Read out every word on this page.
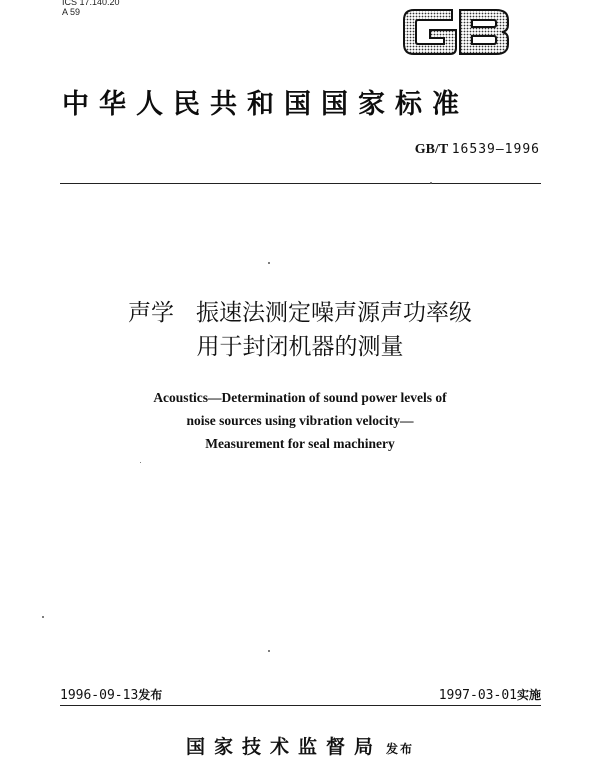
ICS 17.140.20
A 59
中华人民共和国国家标准
GB/T 16539—1996
声学 振速法测定噪声源声功率级
用于封闭机器的测量
Acoustics—Determination of sound power levels of
noise sources using vibration velocity—
Measurement for seal machinery
1996-09-13发布	1997-03-01实施
国家技术监督局 发布
